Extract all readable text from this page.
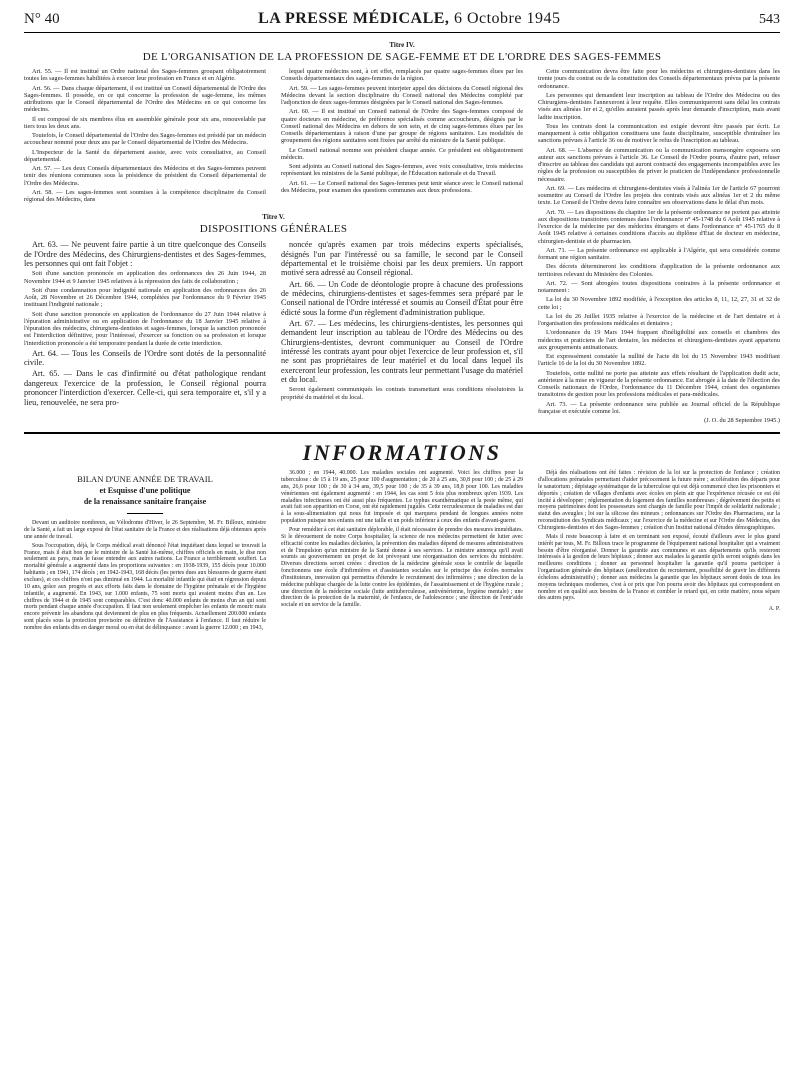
N° 40	LA PRESSE MÉDICALE, 6 Octobre 1945	543
Titre IV.
DE L'ORGANISATION DE LA PROFESSION DE SAGE-FEMME ET DE L'ORDRE DES SAGES-FEMMES

Art. 55. — Il est institué un Ordre national des Sages-femmes groupant obligatoirement toutes les sages-femmes habilitées à exercer leur profession en France et en Algérie.

Art. 56. — Dans chaque département, il est institué un Conseil départemental de l'Ordre des Sages-femmes. Il possède, en ce qui concerne la profession de sage-femme, les mêmes attributions que le Conseil départemental de l'Ordre des Médecins en ce qui concerne les médecins.

Il est composé de six membres élus en assemblée générale pour six ans, renouvelable par tiers tous les deux ans.

Toutefois, le Conseil départemental de l'Ordre des Sages-femmes est présidé par un médecin accoucheur nommé pour deux ans par le Conseil départemental de l'Ordre des Médecins.

L'Inspecteur de la Santé du département assiste, avec voix consultative, au Conseil départemental.

Art. 57. — Les deux Conseils départementaux des Médecins et des Sages-femmes peuvent tenir des réunions communes sous la présidence du président du Conseil départemental de l'Ordre des Médecins.

Art. 58. — Les sages-femmes sont soumises à la compétence disciplinaire du Conseil régional des Médecins, dans

lequel quatre médecins sont, à cet effet, remplacés par quatre sages-femmes élues par les Conseils départementaux des sages-femmes de la région.

Art. 59. — Les sages-femmes peuvent interjeter appel des décisions du Conseil régional des Médecins devant la section disciplinaire du Conseil national des Médecins complété par l'adjonction de deux sages-femmes désignées par le Conseil national des Sages-femmes.

Art. 60. — Il est institué un Conseil national de l'Ordre des Sages-femmes composé de quatre docteurs en médecine, de préférence spécialisés comme accoucheurs, désignés par le Conseil national des Médecins en dehors de son sein, et de cinq sages-femmes élues par les Conseils départementaux à raison d'une par groupe de régions sanitaires. Les modalités de groupement des régions sanitaires sont fixées par arrêté du ministre de la Santé publique.

Le Conseil national nomme son président chaque année. Ce président est obligatoirement médecin.

Sont adjoints au Conseil national des Sages-femmes, avec voix consultative, trois médecins représentant les ministres de la Santé publique, de l'Éducation nationale et du Travail.

Art. 61. — Le Conseil national des Sages-femmes peut tenir séance avec le Conseil national des Médecins, pour examen des questions communes aux deux professions.

Cette communication devra être faite pour les médecins et chirurgiens-dentistes dans les trente jours du contrat ou de la constitution des Conseils départementaux prévus par la présente ordonnance.

Les personnes qui demandent leur inscription au tableau de l'Ordre des Médecins ou des Chirurgiens-dentistes l'annexeront à leur requête. Elles communiqueront sans délai les contrats visés aux alinéas 1er et 2, qu'elles auraient passés après leur demande d'inscription, mais avant ladite inscription.

Tous les contrats dont la communication est exigée devront être passés par écrit. Le manquement à cette obligation constituera une faute disciplinaire, susceptible d'entraîner les sanctions prévues à l'article 36 ou de motiver le refus de l'inscription au tableau.

Art. 68. — L'absence de communication ou la communication mensongère exposera son auteur aux sanctions prévues à l'article 36. Le Conseil de l'Ordre pourra, d'autre part, refuser d'inscrire au tableau des candidats qui auront contracté des engagements incompatibles avec les règles de la profession ou susceptibles de priver le praticien de l'indépendance professionnelle nécessaire.

Art. 69. — Les médecins et chirurgiens-dentistes visés à l'alinéa 1er de l'article 67 pourront soumettre au Conseil de l'Ordre les projets des contrats visés aux alinéas 1er et 2 du même texte. Le Conseil de l'Ordre devra faire connaître ses observations dans le délai d'un mois.

Art. 70. — Les dispositions du chapitre 1er de la présente ordonnance ne portent pas atteinte aux dispositions transitoires contenues dans l'ordonnance n° 45-1748 du 6 Août 1945 relative à l'exercice de la médecine par des médecins étrangers et dans l'ordonnance n° 45-1765 du 8 Août 1945 relative à certaines conditions d'accès au diplôme d'État de docteur en médecine, chirurgien-dentiste et de pharmacien.

Art. 71. — La présente ordonnance est applicable à l'Algérie, qui sera considérée comme formant une région sanitaire.

Des décrets détermineront les conditions d'application de la présente ordonnance aux territoires relevant du Ministère des Colonies.

Art. 72. — Sont abrogées toutes dispositions contraires à la présente ordonnance et notamment :

La loi du 30 Novembre 1892 modifiée, à l'exception des articles 8, 11, 12, 27, 31 et 32 de cette loi ;

La loi du 26 Juillet 1935 relative à l'exercice de la médecine et de l'art dentaire et à l'organisation des professions médicales et dentaires ;

L'ordonnance du 19 Mars 1944 frappant d'inéligibilité aux conseils et chambres des médecins et praticiens de l'art dentaire, les médecins et chirurgiens-dentistes ayant appartenu aux groupements antinationaux.

Est expressément constatée la nullité de l'acte dit loi du 15 Novembre 1943 modifiant l'article 16 de la loi du 30 Novembre 1892.

Toutefois, cette nullité ne porte pas atteinte aux effets résultant de l'application dudit acte, antérieure à la mise en vigueur de la présente ordonnance. Est abrogée à la date de l'élection des Conseils nationaux de l'Ordre, l'ordonnance du 11 Décembre 1944, créant des organismes transitoires de gestion pour les professions médicales et para-médicales.

Art. 73. — La présente ordonnance sera publiée au Journal officiel de la République française et exécutée comme loi.

(J. O. du 28 Septembre 1945.)

Titre V.
DISPOSITIONS GÉNÉRALES

Art. 63. — Ne peuvent faire partie à un titre quelconque des Conseils de l'Ordre des Médecins, des Chirurgiens-dentistes et des Sages-femmes, les personnes qui ont fait l'objet :

Soit d'une sanction prononcée en application des ordonnances des 26 Juin 1944, 28 Novembre 1944 et 9 Janvier 1945 relatives à la répression des faits de collaboration ;

Soit d'une condamnation pour indignité nationale en application des ordonnances des 26 Août, 28 Novembre et 26 Décembre 1944, complétées par l'ordonnance du 9 Février 1945 instituant l'indignité nationale ;

Soit d'une sanction prononcée en application de l'ordonnance du 27 Juin 1944 relative à l'épuration administrative ou en application de l'ordonnance du 18 Janvier 1945 relative à l'épuration des médecins, chirurgiens-dentistes et sages-femmes, lorsque la sanction prononcée est l'interdiction définitive, pour l'intéressé, d'exercer sa fonction ou sa profession et lorsque l'interdiction prononcée a été temporaire pendant la durée de cette interdiction.

Art. 64. — Tous les Conseils de l'Ordre sont dotés de la personnalité civile.

Art. 65. — Dans le cas d'infirmité ou d'état pathologique rendant dangereux l'exercice de la profession, le Conseil régional pourra prononcer l'interdiction d'exercer. Celle-ci, qui sera temporaire et, s'il y a lieu, renouvelée, ne sera pro-

noncée qu'après examen par trois médecins experts spécialisés, désignés l'un par l'intéressé ou sa famille, le second par le Conseil départemental et le troisième choisi par les deux premiers. Un rapport motivé sera adressé au Conseil régional.

Art. 66. — Un Code de déontologie propre à chacune des professions de médecins, chirurgiens-dentistes et sages-femmes sera préparé par le Conseil national de l'Ordre intéressé et soumis au Conseil d'État pour être édicté sous la forme d'un règlement d'administration publique.

Art. 67. — Les médecins, les chirurgiens-dentistes, les personnes qui demandent leur inscription au tableau de l'Ordre des Médecins ou des Chirurgiens-dentistes, devront communiquer au Conseil de l'Ordre intéressé les contrats ayant pour objet l'exercice de leur profession et, s'il ne sont pas propriétaires de leur matériel et du local dans lequel ils exerceront leur profession, les contrats leur permettant l'usage du matériel et du local.

Seront également communiqués les contrats transmettant sous conditions résolutoires la propriété du matériel et du local.

INFORMATIONS
BILAN D'UNE ANNÉE DE TRAVAIL
et Esquisse d'une politique
de la renaissance sanitaire française

Devant un auditoire nombreux, au Vélodrome d'Hiver, le 26 Septembre, M. Fr. Billoux, ministre de la Santé, a fait un large exposé de l'état sanitaire de la France et des réalisations déjà obtenues après une année de travail.

Sous l'occupation, déjà, le Corps médical avait dénoncé l'état inquiétant dans lequel se trouvait la France, mais il était bon que le ministre de la Santé lui-même, chiffres officiels en main, le dise non seulement au pays, mais le fasse entendre aux autres nations. La France a terriblement souffert. La mortalité générale a augmenté dans les proportions suivantes : en 1938-1939, 155 décès pour 10.000 habitants ; en 1941, 174 décès ; en 1942-1943, 168 décès (les pertes dues aux blessures de guerre étant exclues), et ces chiffres n'ont pas diminué en 1944. La mortalité infantile qui était en régression depuis 10 ans, grâce aux progrès et aux efforts faits dans le domaine de l'hygiène prénatale et de l'hygiène infantile, a augmenté. En 1943, sur 1.000 enfants, 75 sont morts qui avaient moins d'un an. Les chiffres de 1944 et de 1945 sont comparables. C'est donc 40.000 enfants de moins d'un an qui sont morts pendant chaque année d'occupation. Il faut non seulement empêcher les enfants de mourir mais encore prévenir les abandons qui deviennent de plus en plus fréquents. Actuellement 200.000 enfants sont placés sous la protection provisoire ou définitive de l'Assistance à l'enfance. Il faut réduire le nombre des enfants dits en danger moral ou en état de délinquance : avant la guerre 12.000 ; en 1943,

36.000 ; en 1944, 40.000. Les maladies sociales ont augmenté. Voici les chiffres pour la tuberculose : de 15 à 19 ans, 25 pour 100 d'augmentation ; de 20 à 25 ans, 30,8 pour 100 ; de 25 à 29 ans, 26,6 pour 100 ; de 30 à 34 ans, 39,5 pour 100 ; de 35 à 39 ans, 18,8 pour 100. Les maladies vénériennes ont également augmenté : en 1944, les cas sont 5 fois plus nombreux qu'en 1939. Les maladies infectieuses ont été aussi plus fréquentes. Le typhus exanthématique et la peste même, qui avait fait son apparition en Corse, ont été rapidement jugulés. Cette recrudescence de maladies est due à la sous-alimentation qui nous fut imposée et qui marquera pendant de longues années notre population puisque nos enfants ont une taille et un poids inférieur à ceux des enfants d'avant-guerre.

Pour remédier à cet état sanitaire déplorable, il était nécessaire de prendre des mesures immédiates. Si le dévouement de notre Corps hospitalier, la science de nos médecins permettent de lutter avec efficacité contre les maladies déclarées, la prévention des maladies dépend de mesures administratives et de l'impulsion qu'un ministre de la Santé donne à ses services. Le ministre annonça qu'il avait soumis au gouvernement un projet de loi prévoyant une réorganisation des services du ministère. Diverses directions seront créées : direction de la médecine générale sous le contrôle de laquelle fonctionnera une école d'infirmières et d'assistantes sociales sur le principe des écoles normales d'instituteurs, innovation qui permettra d'étendre le recrutement des infirmières ; une direction de la médecine publique chargée de la lutte contre les épidémies, de l'assainissement et de l'hygiène rurale ; une direction de la médecine sociale (lutte antituberculeuse, antivénérienne, hygiène mentale) ; une direction de la protection de la maternité, de l'enfance, de l'adolescence ; une direction de l'entr'aide sociale et un service de la famille.

Déjà des réalisations ont été faites : révision de la loi sur la protection de l'enfance ; création d'allocations prénatales permettant d'aider précocement la future mère ; accélération des départs pour le sanatorium ; dépistage systématique de la tuberculose qui est déjà commencé chez les prisonniers et déportés ; création de villages d'enfants avec écoles en plein air que l'expérience récusée ce est été incité à développer ; réglementation du logement des familles nombreuses ; dégrèvement des petits et moyens patrimoines dont les possesseurs sont chargés de famille pour l'impôt de solidarité nationale ; statut des aveugles ; loi sur la silicose des mineurs ; ordonnances sur l'Ordre des Pharmaciens, sur la reconstitution des Syndicats médicaux ; sur l'exercice de la médecine et sur l'Ordre des Médecins, des Chirurgiens-dentistes et des Sages-femmes ; création d'un Institut national d'études démographiques.

Mais il reste beaucoup à faire et en terminant son exposé, écouté d'ailleurs avec le plus grand intérêt par tous, M. Fr. Billoux trace le programme de l'équipement national hospitalier qui a vraiment besoin d'être réorganisé. Donner la garantie aux communes et aux départements qu'ils resteront intéressés à la gestion de leurs hôpitaux ; donner aux malades la garantie qu'ils seront soignés dans les meilleures conditions ; donner au personnel hospitalier la garantie qu'il pourra participer à l'organisation générale des hôpitaux (amélioration du recrutement, possibilité de gravir les différents échelons administratifs) ; donner aux médecins la garantie que les hôpitaux seront dotés de tous les moyens techniques modernes, c'est à ce prix que l'on pourra avoir des hôpitaux qui correspondent en nombre et en qualité aux besoins de la France et combler le retard qui, en cette matière, nous sépare des autres pays.

A. P.
